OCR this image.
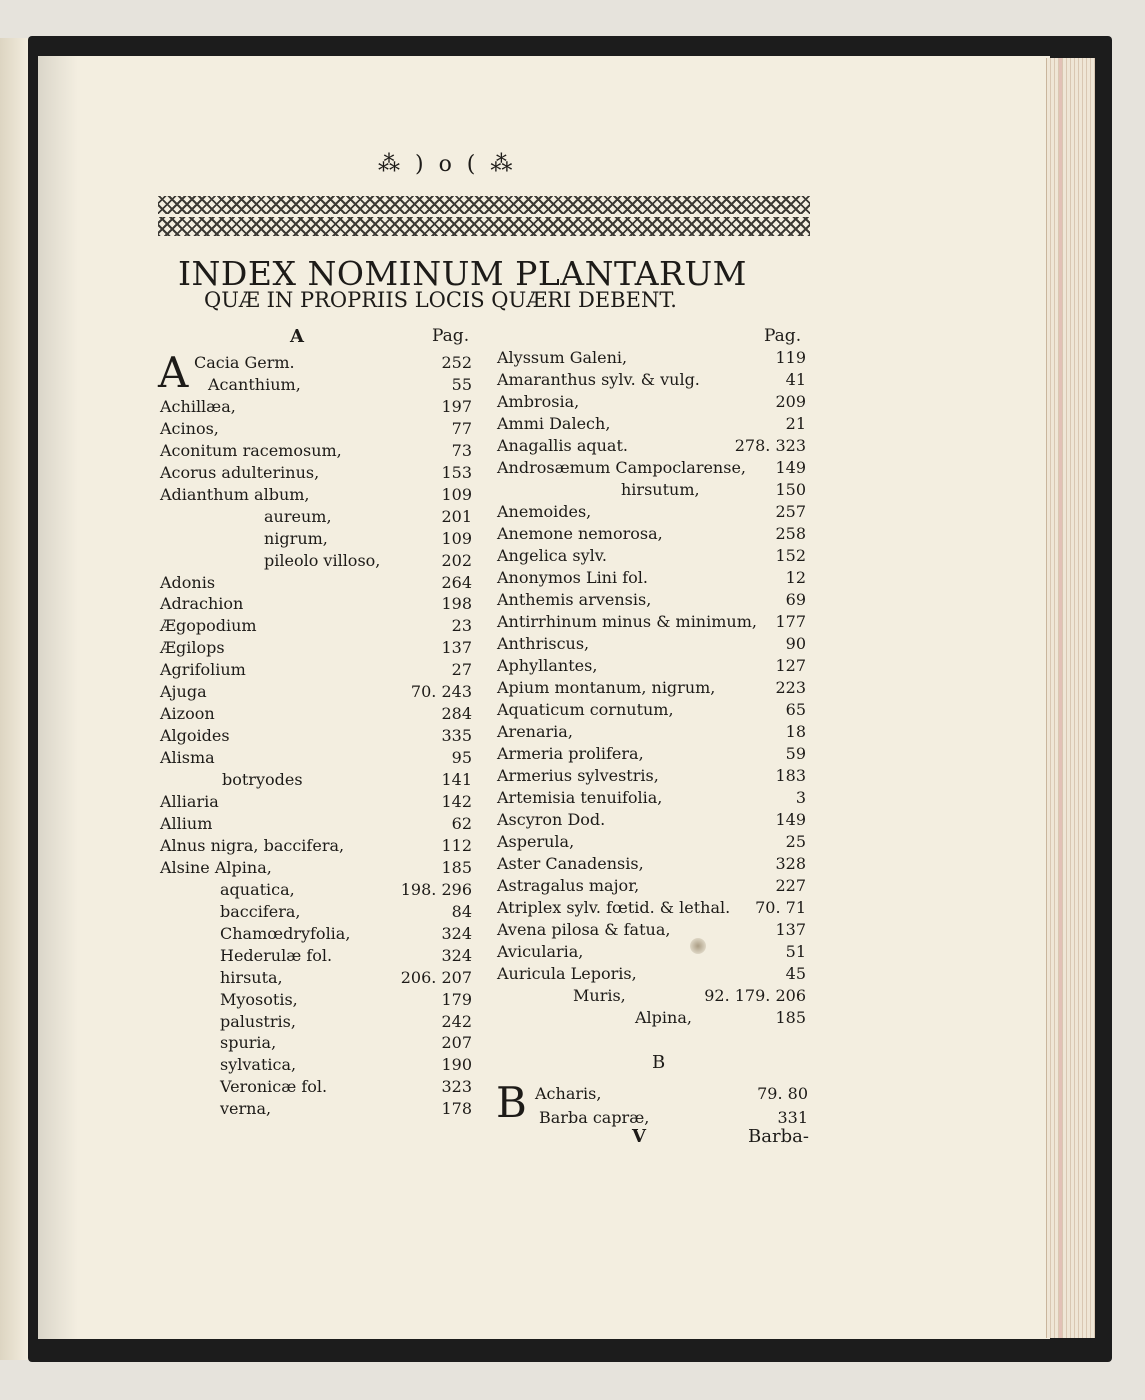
⁂ ) o ( ⁂
INDEX NOMINUM PLANTARUM
QUÆ IN PROPRIIS LOCIS QUÆRI DEBENT.
A	Pag.	Pag.
A
B
Cacia Germ.	252
Acanthium,	55
Achillæa,	197
Acinos,	77
Aconitum racemosum,	73
Acorus adulterinus,	153
Adianthum album,	109
aureum,	201
nigrum,	109
pileolo villoso,	202
Adonis	264
Adrachion	198
Ægopodium	23
Ægilops	137
Agrifolium	27
Ajuga	70. 243
Aizoon	284
Algoides	335
Alisma	95
botryodes	141
Alliaria	142
Allium	62
Alnus nigra, baccifera,	112
Alsine Alpina,	185
aquatica,	198. 296
baccifera,	84
Chamœdryfolia,	324
Hederulæ fol.	324
hirsuta,	206. 207
Myosotis,	179
palustris,	242
spuria,	207
sylvatica,	190
Veronicæ fol.	323
verna,	178
Alyssum Galeni,	119
Amaranthus sylv. & vulg.	41
Ambrosia,	209
Ammi Dalech,	21
Anagallis aquat.	278. 323
Androsæmum Campoclarense, 149
hirsutum,	150
Anemoides,	257
Anemone nemorosa,	258
Angelica sylv.	152
Anonymos Lini fol.	12
Anthemis arvensis,	69
Antirrhinum minus & minimum, 177
Anthriscus,	90
Aphyllantes,	127
Apium montanum, nigrum,	223
Aquaticum cornutum,	65
Arenaria,	18
Armeria prolifera,	59
Armerius sylvestris,	183
Artemisia tenuifolia,	3
Ascyron Dod.	149
Asperula,	25
Aster Canadensis,	328
Astragalus major,	227
Atriplex sylv. fœtid. & lethal. 70. 71
Avena pilosa & fatua,	137
Avicularia,	51
Auricula Leporis,	45
Muris,	92. 179. 206
Alpina,	185
Acharis,	79. 80
Barba capræ,	331
B
V	Barba-
